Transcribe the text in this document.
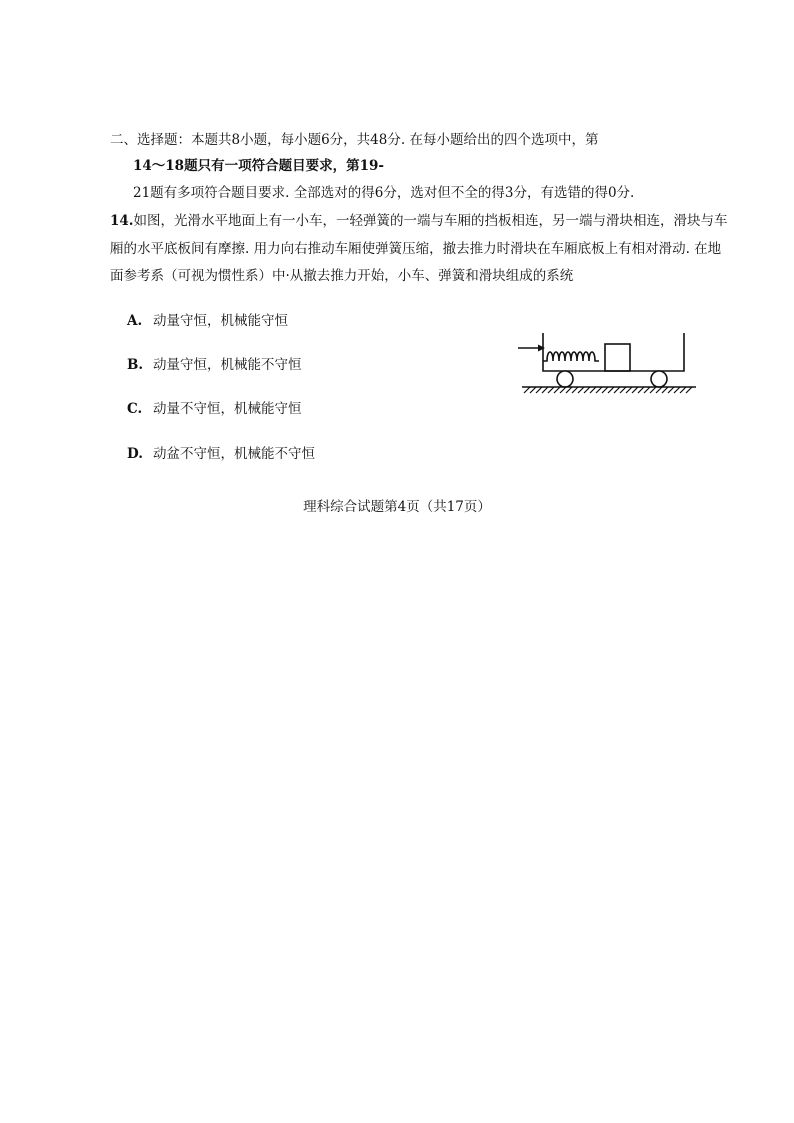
二、选择题：本题共8小题，每小题6分，共48分. 在每小题给出的四个选项中，第
14～18题只有一项符合题目要求，第19-
21题有多项符合题目要求. 全部选对的得6分，选对但不全的得3分，有选错的得0分.
14.如图，光滑水平地面上有一小车，一轻弹簧的一端与车厢的挡板相连，另一端与滑块相连，滑块与车
厢的水平底板间有摩擦. 用力向右推动车厢使弹簧压缩，撤去推力时滑块在车厢底板上有相对滑动. 在地
面参考系（可视为惯性系）中·从撤去推力开始，小车、弹簧和滑块组成的系统
A. 动量守恒，机械能守恒
B. 动量守恒，机械能不守恒
C. 动量不守恒，机械能守恒
D. 动盆不守恒，机械能不守恒
理科综合试题第4页（共17页）
